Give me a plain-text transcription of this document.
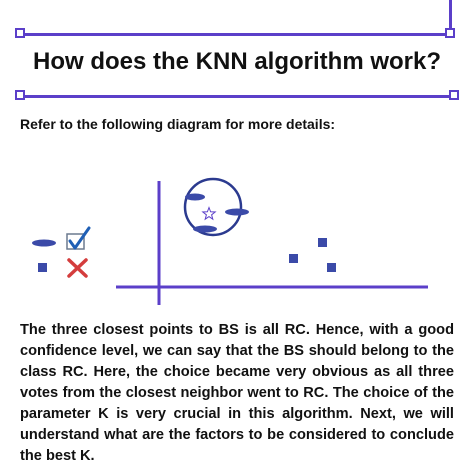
How does the KNN algorithm work?
Refer to the following diagram for more details:
The three closest points to BS is all RC. Hence, with a good confidence level, we can say that the BS should belong to the class RC. Here, the choice became very obvious as all three votes from the closest neighbor went to RC. The choice of the parameter K is very crucial in this algorithm. Next, we will understand what are the factors to be considered to conclude the best K.
